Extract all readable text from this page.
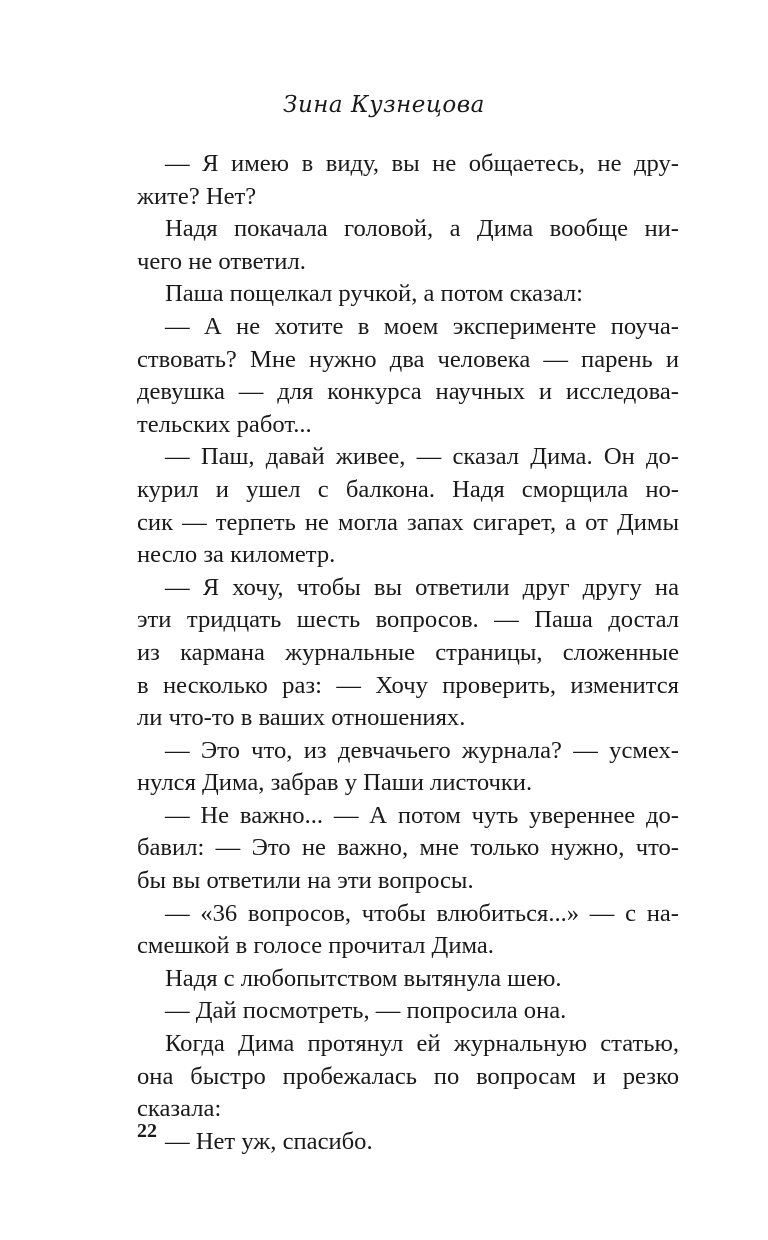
Зина Кузнецова
— Я имею в виду, вы не общаетесь, не дру-
жите? Нет?
Надя покачала головой, а Дима вообще ни-
чего не ответил.
Паша пощелкал ручкой, а потом сказал:
— А не хотите в моем эксперименте поуча-
ствовать? Мне нужно два человека — парень и
девушка — для конкурса научных и исследова-
тельских работ...
— Паш, давай живее, — сказал Дима. Он до-
курил и ушел с балкона. Надя сморщила но-
сик — терпеть не могла запах сигарет, а от Димы
несло за километр.
— Я хочу, чтобы вы ответили друг другу на
эти тридцать шесть вопросов. — Паша достал
из кармана журнальные страницы, сложенные
в несколько раз: — Хочу проверить, изменится
ли что-то в ваших отношениях.
— Это что, из девчачьего журнала? — усмех-
нулся Дима, забрав у Паши листочки.
— Не важно... — А потом чуть увереннее до-
бавил: — Это не важно, мне только нужно, что-
бы вы ответили на эти вопросы.
— «36 вопросов, чтобы влюбиться...» — с на-
смешкой в голосе прочитал Дима.
Надя с любопытством вытянула шею.
— Дай посмотреть, — попросила она.
Когда Дима протянул ей журнальную статью,
она быстро пробежалась по вопросам и резко
сказала:
— Нет уж, спасибо.
22
